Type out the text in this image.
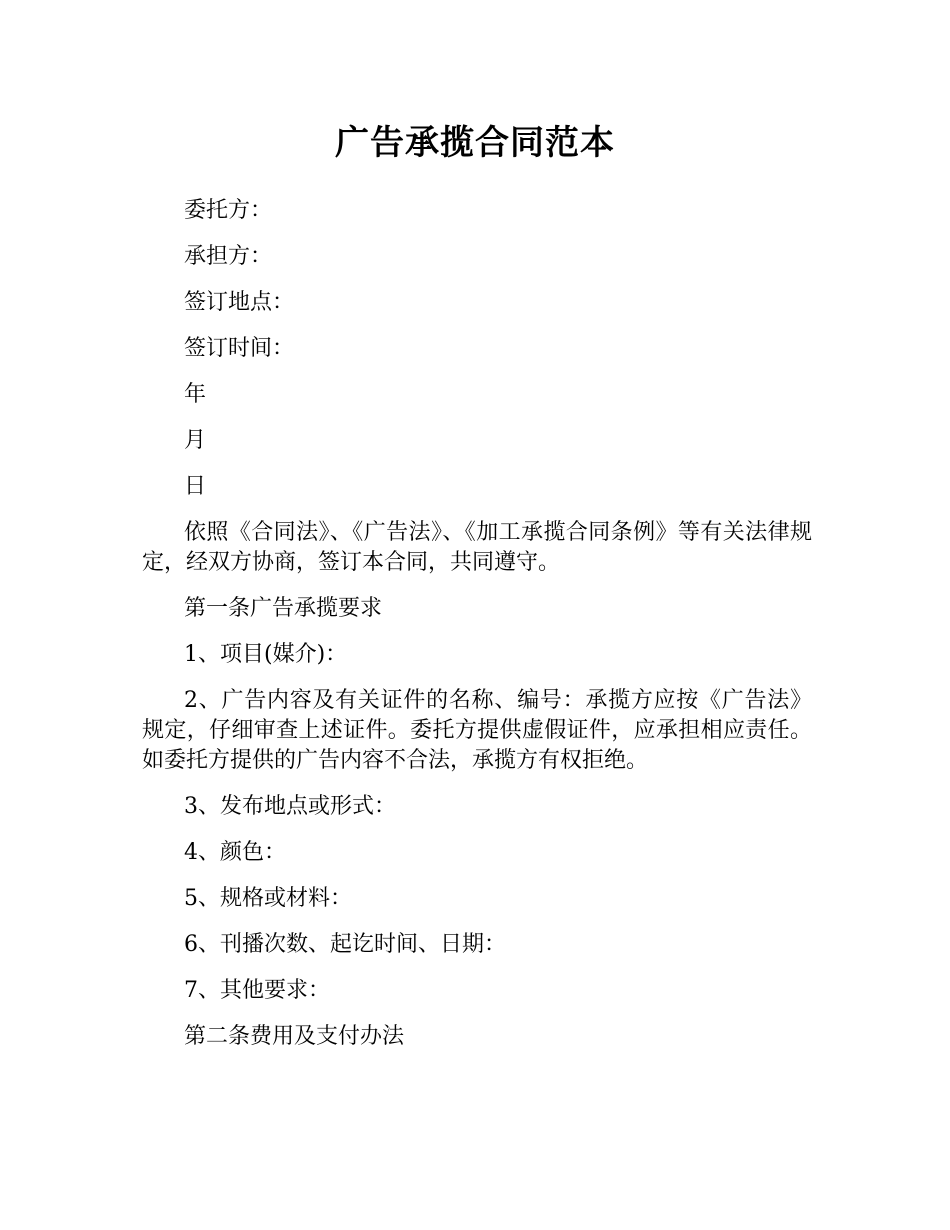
广告承揽合同范本

委托方：

承担方：

签订地点：

签订时间：

年

月

日

依照《合同法》、《广告法》、《加工承揽合同条例》等有关法律规定，经双方协商，签订本合同，共同遵守。

第一条广告承揽要求

1、项目(媒介)：

2、广告内容及有关证件的名称、编号：承揽方应按《广告法》规定，仔细审查上述证件。委托方提供虚假证件，应承担相应责任。如委托方提供的广告内容不合法，承揽方有权拒绝。

3、发布地点或形式：

4、颜色：

5、规格或材料：

6、刊播次数、起讫时间、日期：

7、其他要求：

第二条费用及支付办法
